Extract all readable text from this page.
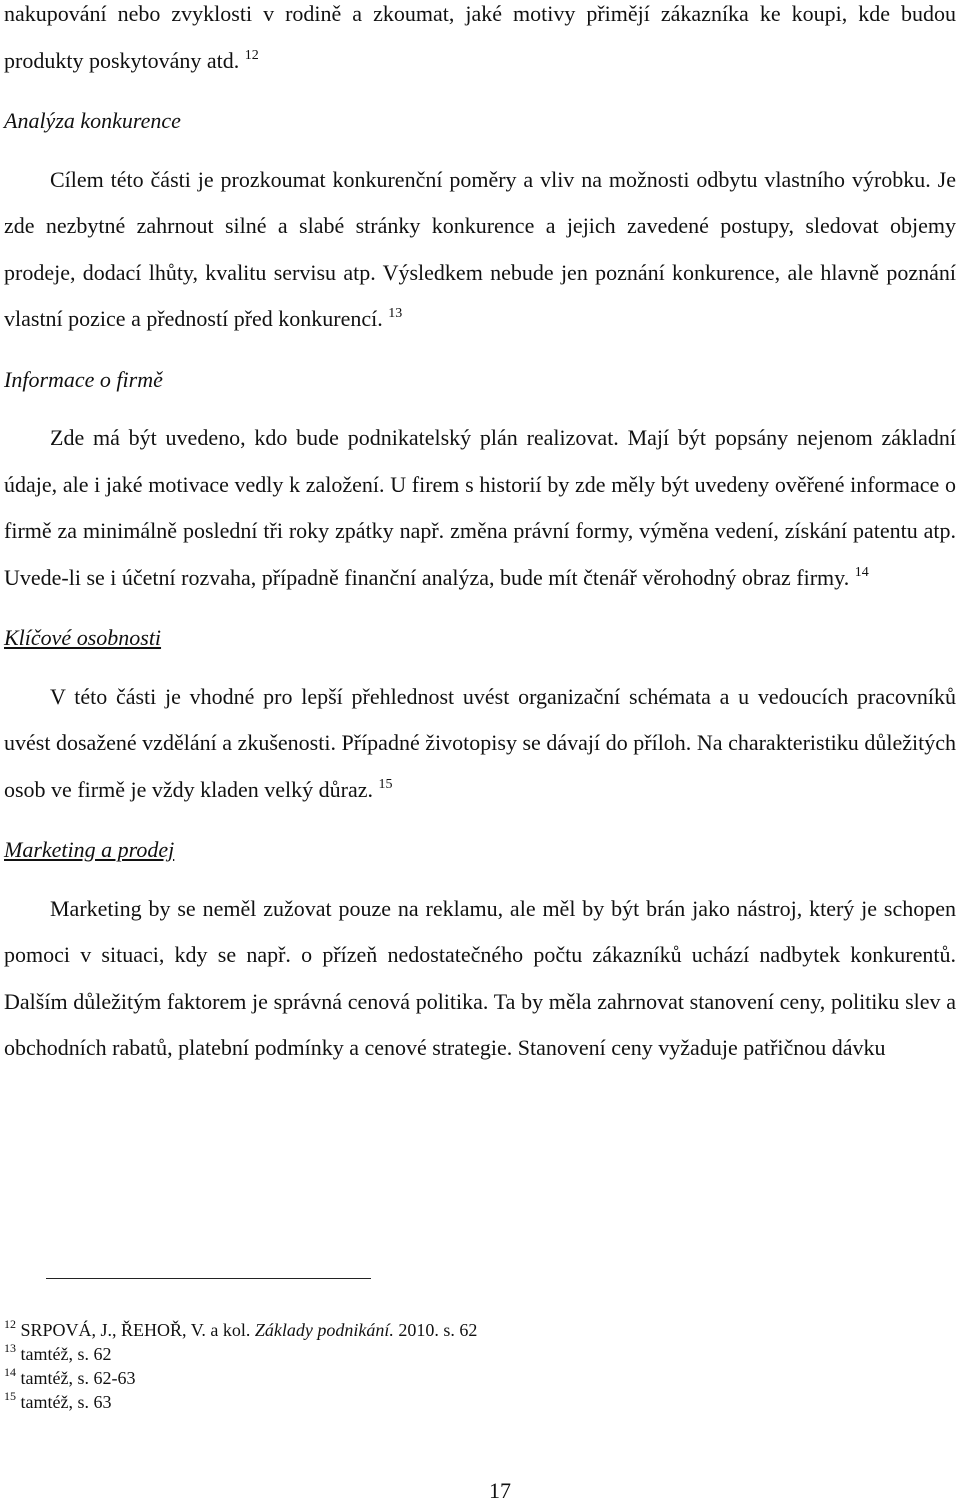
nakupování nebo zvyklosti v rodině a zkoumat, jaké motivy přimějí zákazníka ke koupi, kde budou produkty poskytovány atd. $^{12}$

Analýza konkurence

Cílem této části je prozkoumat konkurenční poměry a vliv na možnosti odbytu vlastního výrobku. Je zde nezbytné zahrnout silné a slabé stránky konkurence a jejich zavedené postupy, sledovat objemy prodeje, dodací lhůty, kvalitu servisu atp. Výsledkem nebude jen poznání konkurence, ale hlavně poznání vlastní pozice a předností před konkurencí. $^{13}$

Informace o firmě

Zde má být uvedeno, kdo bude podnikatelský plán realizovat. Mají být popsány nejenom základní údaje, ale i jaké motivace vedly k založení. U firem s historií by zde měly být uvedeny ověřené informace o firmě za minimálně poslední tři roky zpátky např. změna právní formy, výměna vedení, získání patentu atp. Uvede-li se i účetní rozvaha, případně finanční analýza, bude mít čtenář věrohodný obraz firmy. $^{14}$

Klíčové osobnosti

V této části je vhodné pro lepší přehlednost uvést organizační schémata a u vedoucích pracovníků uvést dosažené vzdělání a zkušenosti. Případné životopisy se dávají do příloh. Na charakteristiku důležitých osob ve firmě je vždy kladen velký důraz. $^{15}$

Marketing a prodej

Marketing by se neměl zužovat pouze na reklamu, ale měl by být brán jako nástroj, který je schopen pomoci v situaci, kdy se např. o přízeň nedostatečného počtu zákazníků uchází nadbytek konkurentů. Dalším důležitým faktorem je správná cenová politika. Ta by měla zahrnovat stanovení ceny, politiku slev a obchodních rabatů, platební podmínky a cenové strategie. Stanovení ceny vyžaduje patřičnou dávku

$^{12}$ SRPOVÁ, J., ŘEHOŘ, V. a kol. Základy podnikání. 2010. s. 62

$^{13}$ tamtéž, s. 62

$^{14}$ tamtéž, s. 62-63

$^{15}$ tamtéž, s. 63

17
